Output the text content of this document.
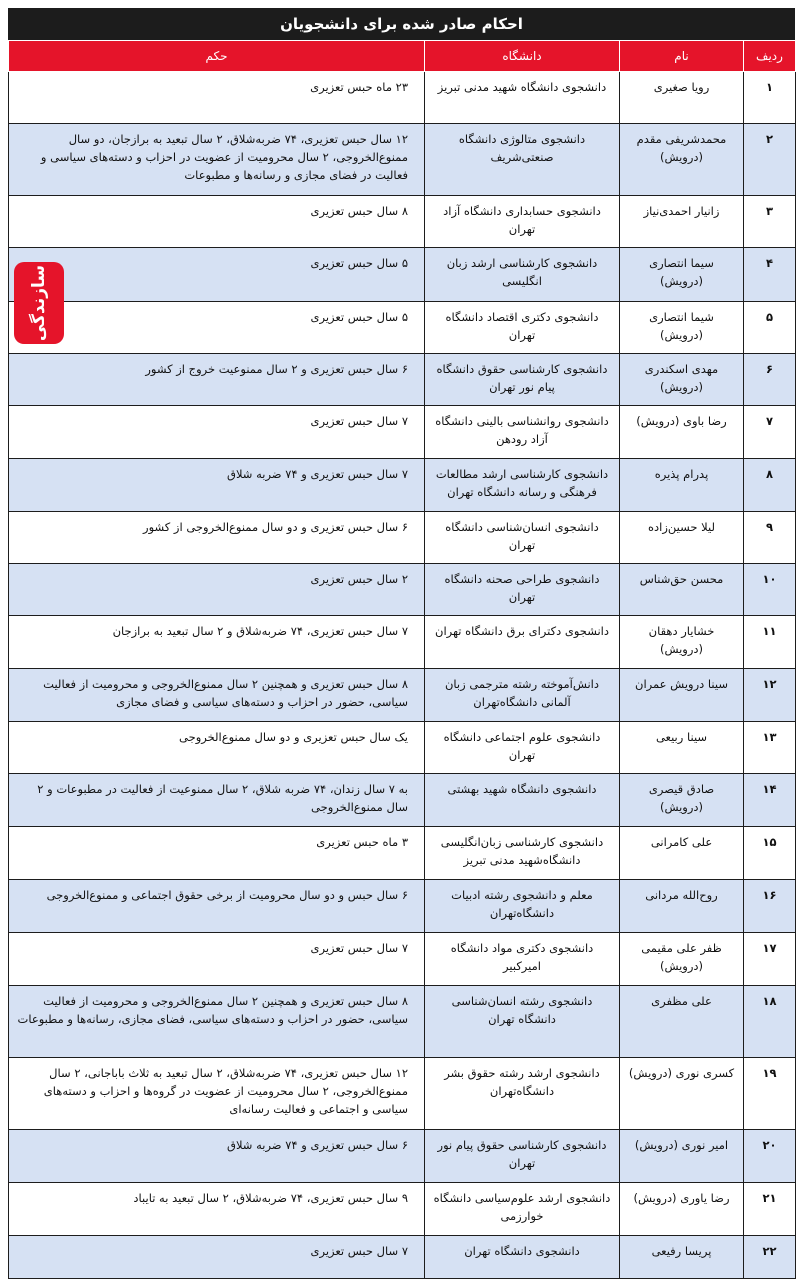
احکام صادر شده برای دانشجویان
ردیف	نام	دانشگاه	حکم
۱	رویا صغیری	دانشجوی دانشگاه شهید مدنی تبریز	۲۳ ماه حبس تعزیری
۲	محمدشریفی مقدم (درویش)	دانشجوی متالوژی دانشگاه صنعتی‌شریف	۱۲ سال حبس تعزیری، ۷۴ ضربه‌شلاق، ۲ سال تبعید به برازجان، دو سال ممنوع‌الخروجی، ۲ سال محرومیت از عضویت در احزاب و دسته‌های سیاسی و فعالیت در فضای مجازی و رسانه‌ها و مطبوعات
۳	زانیار احمدی‌نیاز	دانشجوی حسابداری دانشگاه آزاد تهران	۸ سال حبس تعزیری
۴	سیما انتصاری (درویش)	دانشجوی کارشناسی ارشد زبان انگلیسی	۵ سال حبس تعزیری
۵	شیما انتصاری (درویش)	دانشجوی دکتری اقتصاد دانشگاه تهران	۵ سال حبس تعزیری
۶	مهدی اسکندری (درویش)	دانشجوی کارشناسی حقوق دانشگاه پیام نور تهران	۶ سال حبس تعزیری و ۲ سال ممنوعیت خروج از کشور
۷	رضا باوی (درویش)	دانشجوی روانشناسی بالینی دانشگاه آزاد رودهن	۷ سال حبس تعزیری
۸	پدرام پذیره	دانشجوی کارشناسی ارشد مطالعات فرهنگی و رسانه دانشگاه تهران	۷ سال حبس تعزیری و ۷۴ ضربه شلاق
۹	لیلا حسین‌زاده	دانشجوی انسان‌شناسی دانشگاه تهران	۶ سال حبس تعزیری و دو سال ممنوع‌الخروجی از کشور
۱۰	محسن حق‌شناس	دانشجوی طراحی صحنه دانشگاه تهران	۲ سال حبس تعزیری
۱۱	خشایار دهقان (درویش)	دانشجوی دکترای برق دانشگاه تهران	۷ سال حبس تعزیری، ۷۴ ضربه‌شلاق و ۲ سال تبعید به برازجان
۱۲	سینا درویش عمران	دانش‌آموخته رشته مترجمی زبان آلمانی دانشگاه‌تهران	۸ سال حبس تعزیری و همچنین ۲ سال ممنوع‌الخروجی و محرومیت از فعالیت سیاسی، حضور در احزاب و دسته‌های سیاسی و فضای مجازی
۱۳	سینا ربیعی	دانشجوی علوم اجتماعی دانشگاه تهران	یک سال حبس تعزیری و دو سال ممنوع‌الخروجی
۱۴	صادق قیصری (درویش)	دانشجوی دانشگاه شهید بهشتی	به ۷ سال زندان، ۷۴ ضربه شلاق، ۲ سال ممنوعیت از فعالیت در مطبوعات و ۲ سال ممنوع‌الخروجی
۱۵	علی کامرانی	دانشجوی کارشناسی زبان‌انگلیسی دانشگاه‌شهید مدنی تبریز	۳ ماه حبس تعزیری
۱۶	روح‌الله مردانی	معلم و دانشجوی رشته ادبیات دانشگاه‌تهران	۶ سال حبس و دو سال محرومیت از برخی حقوق اجتماعی و ممنوع‌الخروجی
۱۷	ظفر علی مقیمی (درویش)	دانشجوی دکتری مواد دانشگاه امیرکبیر	۷ سال حبس تعزیری
۱۸	علی مظفری	دانشجوی رشته انسان‌شناسی دانشگاه تهران	۸ سال حبس تعزیری و همچنین ۲ سال ممنوع‌الخروجی و محرومیت از فعالیت سیاسی، حضور در احزاب و دسته‌های سیاسی، فضای مجازی، رسانه‌ها و مطبوعات
۱۹	کسری نوری (درویش)	دانشجوی ارشد رشته حقوق بشر دانشگاه‌تهران	۱۲ سال حبس تعزیری، ۷۴ ضربه‌شلاق، ۲ سال تبعید به ثلاث باباجانی، ۲ سال ممنوع‌الخروجی، ۲ سال محرومیت از عضویت در گروه‌ها و احزاب و دسته‌های سیاسی و اجتماعی و فعالیت رسانه‌ای
۲۰	امیر نوری (درویش)	دانشجوی کارشناسی حقوق پیام نور تهران	۶ سال حبس تعزیری و ۷۴ ضربه شلاق
۲۱	رضا یاوری (درویش)	دانشجوی ارشد علوم‌سیاسی دانشگاه خوارزمی	۹ سال حبس تعزیری، ۷۴ ضربه‌شلاق، ۲ سال تبعید به تایباد
۲۲	پریسا رفیعی	دانشجوی دانشگاه تهران	۷ سال حبس تعزیری
سازندگی
